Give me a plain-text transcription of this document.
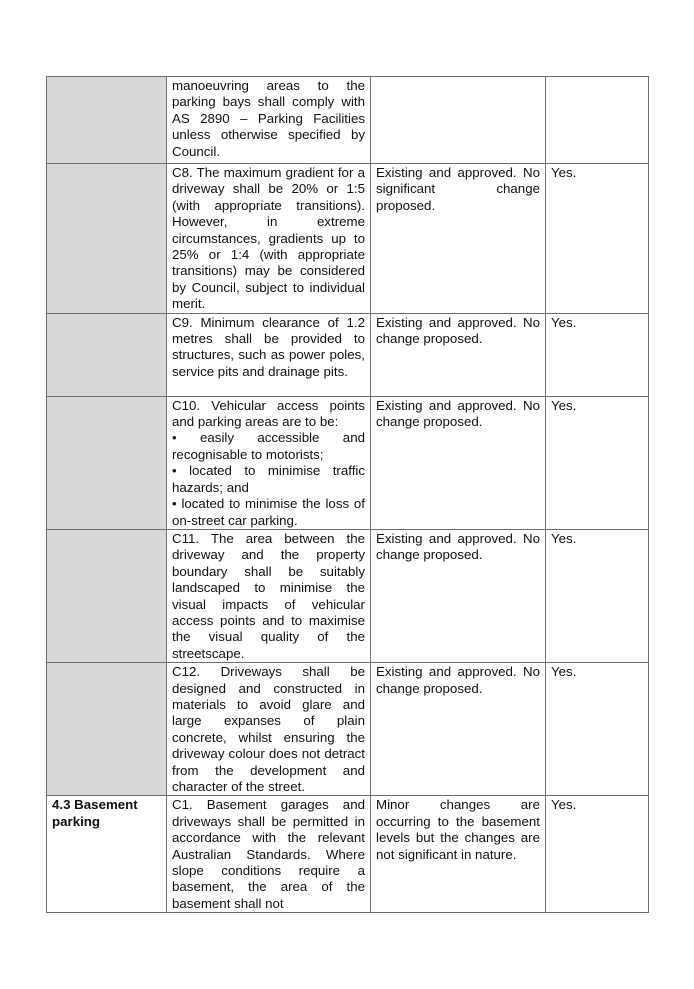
	manoeuvring areas to the parking bays shall comply with AS 2890 – Parking Facilities unless otherwise specified by Council.		

	C8. The maximum gradient for a driveway shall be 20% or 1:5 (with appropriate transitions). However, in extreme circumstances, gradients up to 25% or 1:4 (with appropriate transitions) may be considered by Council, subject to individual merit.	Existing and approved. No significant change proposed.	Yes.

	C9. Minimum clearance of 1.2 metres shall be provided to structures, such as power poles, service pits and drainage pits.	Existing and approved. No change proposed.	Yes.

	C10. Vehicular access points and parking areas are to be:

• easily accessible and recognisable to motorists;

• located to minimise traffic hazards; and

• located to minimise the loss of on-street car parking.	Existing and approved. No change proposed.	Yes.

	C11. The area between the driveway and the property boundary shall be suitably landscaped to minimise the visual impacts of vehicular access points and to maximise the visual quality of the streetscape.	Existing and approved. No change proposed.	Yes.

	C12. Driveways shall be designed and constructed in materials to avoid glare and large expanses of plain concrete, whilst ensuring the driveway colour does not detract from the development and character of the street.	Existing and approved. No change proposed.	Yes.
4.3 Basement parking	C1. Basement garages and driveways shall be permitted in accordance with the relevant Australian Standards. Where slope conditions require a basement, the area of the basement shall not	Minor changes are occurring to the basement levels but the changes are not significant in nature.	Yes.
